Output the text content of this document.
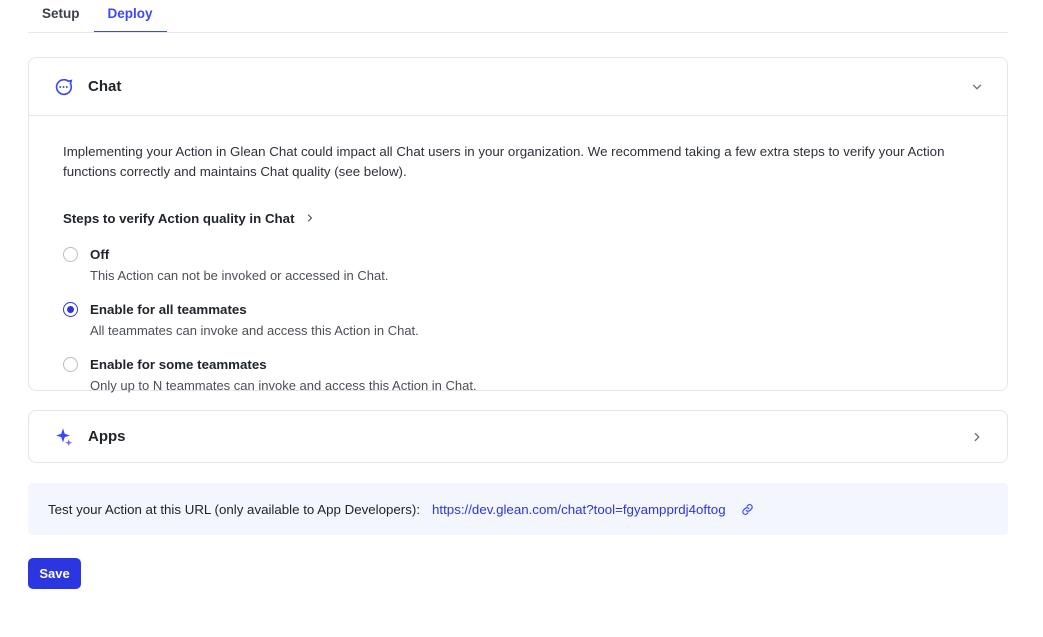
Setup	Deploy
Chat

Implementing your Action in Glean Chat could impact all Chat users in your organization. We recommend taking a few extra steps to verify your Action functions correctly and maintains Chat quality (see below).

Steps to verify Action quality in Chat
Off
This Action can not be invoked or accessed in Chat.
Enable for all teammates
All teammates can invoke and access this Action in Chat.
Enable for some teammates
Only up to N teammates can invoke and access this Action in Chat.
Apps
Test your Action at this URL (only available to App Developers): https://dev.glean.com/chat?tool=fgyampprdj4oftog
Save
